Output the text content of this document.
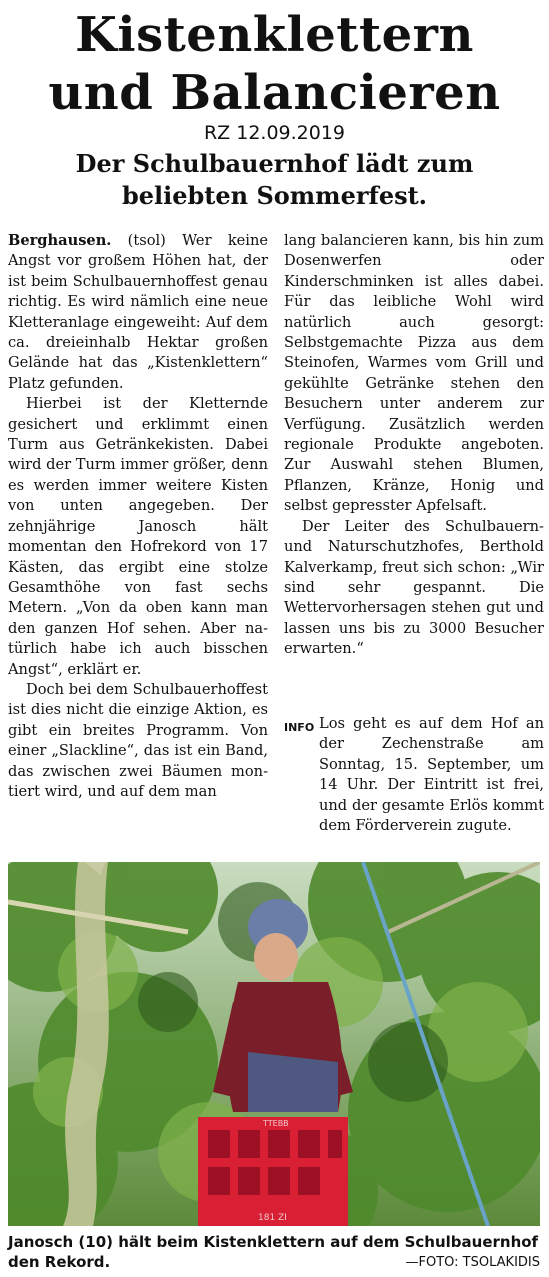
Kistenklettern
und Balancieren
RZ 12.09.2019
Der Schulbauernhof lädt zum
beliebten Sommerfest.

Berghausen. (tsol) Wer keine Angst vor großem Höhen hat, der ist beim Schulbauernhoffest genau richtig. Es wird nämlich eine neue Kletteranlage eingeweiht: Auf dem ca. dreieinhalb Hektar großen Gelände hat das „Kistenklettern“ Platz gefunden.

Hierbei ist der Kletternde gesichert und erklimmt einen Turm aus Getränkekisten. Dabei wird der Turm immer größer, denn es werden immer weitere Kisten von unten angegeben. Der zehnjährige Janosch hält momentan den Hofrekord von 17 Kästen, das ergibt eine stolze Gesamthöhe von fast sechs Metern. „Von da oben kann man den ganzen Hof sehen. Aber natürlich habe ich auch bisschen Angst“, erklärt er.

Doch bei dem Schulbauerhoffest ist dies nicht die einzige Aktion, es gibt ein breites Programm. Von einer „Slackline“, das ist ein Band, das zwischen zwei Bäumen montiert wird, und auf dem man

lang balancieren kann, bis hin zum Dosenwerfen oder Kinderschminken ist alles dabei. Für das leibliche Wohl wird natürlich auch gesorgt: Selbstgemachte Pizza aus dem Steinofen, Warmes vom Grill und gekühlte Getränke stehen den Besuchern unter anderem zur Verfügung. Zusätzlich werden regionale Produkte angeboten. Zur Auswahl stehen Blumen, Pflanzen, Kränze, Honig und selbst gepresster Apfelsaft.

Der Leiter des Schulbauern- und Naturschutzhofes, Berthold Kalverkamp, freut sich schon: „Wir sind sehr gespannt. Die Wettervorhersagen stehen gut und lassen uns bis zu 3000 Besucher erwarten.“

INFO Los geht es auf dem Hof an der Zechenstraße am Sonntag, 15. September, um 14 Uhr. Der Eintritt ist frei, und der gesamte Erlös kommt dem Förderverein zugute.
TTEBB
181 ZI
Janosch (10) hält beim Kistenklettern auf dem Schulbauernhof den Rekord.	—FOTO: TSOLAKIDIS
